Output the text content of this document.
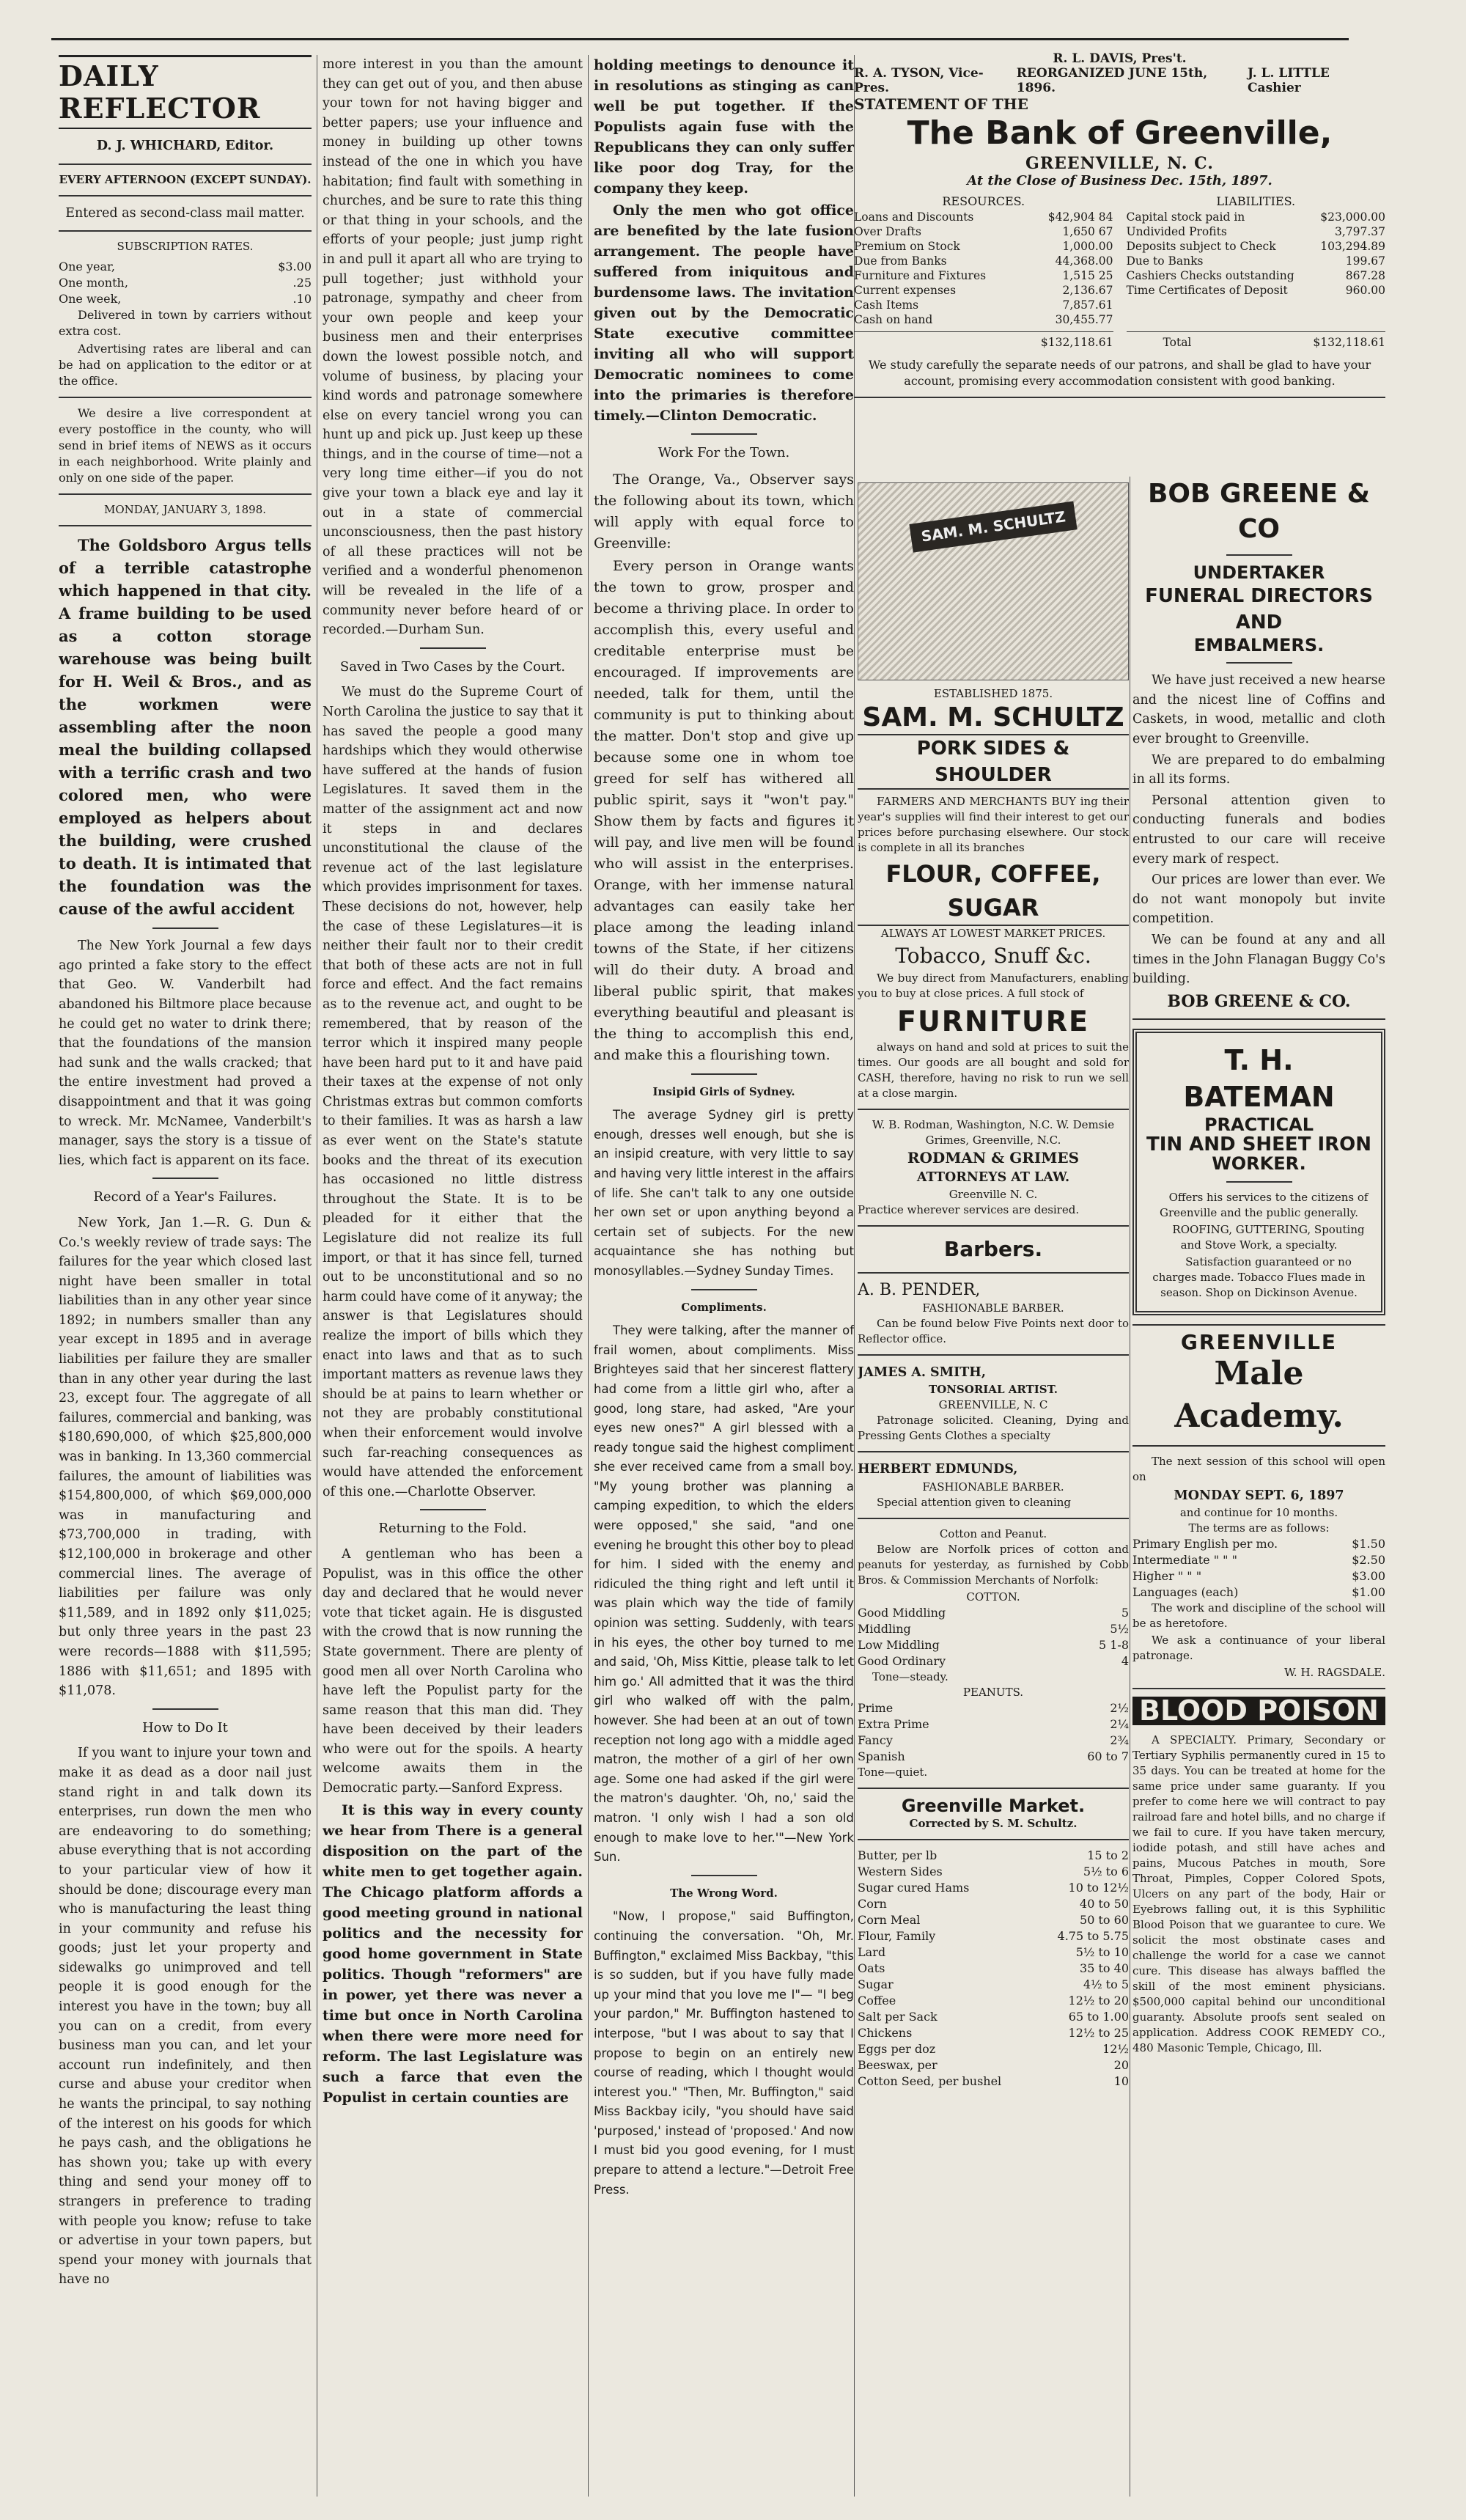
DAILY REFLECTOR
D. J. WHICHARD, Editor.
EVERY AFTERNOON (EXCEPT SUNDAY).
Entered as second-class mail matter.
SUBSCRIPTION RATES.
One year,	$3.00
One month,	.25
One week,	.10

Delivered in town by carriers without extra cost.

Advertising rates are liberal and can be had on application to the editor or at the office.

We desire a live correspondent at every postoffice in the county, who will send in brief items of NEWS as it occurs in each neighborhood. Write plainly and only on one side of the paper.

MONDAY, JANUARY 3, 1898.

The Goldsboro Argus tells of a terrible catastrophe which happened in that city. A frame building to be used as a cotton storage warehouse was being built for H. Weil & Bros., and as the workmen were assembling after the noon meal the building collapsed with a terrific crash and two colored men, who were employed as helpers about the building, were crushed to death. It is intimated that the foundation was the cause of the awful accident

The New York Journal a few days ago printed a fake story to the effect that Geo. W. Vanderbilt had abandoned his Biltmore place because he could get no water to drink there; that the foundations of the mansion had sunk and the walls cracked; that the entire investment had proved a disappointment and that it was going to wreck. Mr. McNamee, Vanderbilt's manager, says the story is a tissue of lies, which fact is apparent on its face.

Record of a Year's Failures.

New York, Jan 1.—R. G. Dun & Co.'s weekly review of trade says: The failures for the year which closed last night have been smaller in total liabilities than in any other year since 1892; in numbers smaller than any year except in 1895 and in average liabilities per failure they are smaller than in any other year during the last 23, except four. The aggregate of all failures, commercial and banking, was $180,690,000, of which $25,800,000 was in banking. In 13,360 commercial failures, the amount of liabilities was $154,800,000, of which $69,000,000 was in manufacturing and $73,700,000 in trading, with $12,100,000 in brokerage and other commercial lines. The average of liabilities per failure was only $11,589, and in 1892 only $11,025; but only three years in the past 23 were records—1888 with $11,595; 1886 with $11,651; and 1895 with $11,078.

How to Do It

If you want to injure your town and make it as dead as a door nail just stand right in and talk down its enterprises, run down the men who are endeavoring to do something; abuse everything that is not according to your particular view of how it should be done; discourage every man who is manufacturing the least thing in your community and refuse his goods; just let your property and sidewalks go unimproved and tell people it is good enough for the interest you have in the town; buy all you can on a credit, from every business man you can, and let your account run indefinitely, and then curse and abuse your creditor when he wants the principal, to say nothing of the interest on his goods for which he pays cash, and the obligations he has shown you; take up with every thing and send your money off to strangers in preference to trading with people you know; refuse to take or advertise in your town papers, but spend your money with journals that have no

more interest in you than the amount they can get out of you, and then abuse your town for not having bigger and better papers; use your influence and money in building up other towns instead of the one in which you have habitation; find fault with something in churches, and be sure to rate this thing or that thing in your schools, and the efforts of your people; just jump right in and pull it apart all who are trying to pull together; just withhold your patronage, sympathy and cheer from your own people and keep your business men and their enterprises down the lowest possible notch, and volume of business, by placing your kind words and patronage somewhere else on every tanciel wrong you can hunt up and pick up. Just keep up these things, and in the course of time—not a very long time either—if you do not give your town a black eye and lay it out in a state of commercial unconsciousness, then the past history of all these practices will not be verified and a wonderful phenomenon will be revealed in the life of a community never before heard of or recorded.—Durham Sun.

Saved in Two Cases by the Court.

We must do the Supreme Court of North Carolina the justice to say that it has saved the people a good many hardships which they would otherwise have suffered at the hands of fusion Legislatures. It saved them in the matter of the assignment act and now it steps in and declares unconstitutional the clause of the revenue act of the last legislature which provides imprisonment for taxes. These decisions do not, however, help the case of these Legislatures—it is neither their fault nor to their credit that both of these acts are not in full force and effect. And the fact remains as to the revenue act, and ought to be remembered, that by reason of the terror which it inspired many people have been hard put to it and have paid their taxes at the expense of not only Christmas extras but common comforts to their families. It was as harsh a law as ever went on the State's statute books and the threat of its execution has occasioned no little distress throughout the State. It is to be pleaded for it either that the Legislature did not realize its full import, or that it has since fell, turned out to be unconstitutional and so no harm could have come of it anyway; the answer is that Legislatures should realize the import of bills which they enact into laws and that as to such important matters as revenue laws they should be at pains to learn whether or not they are probably constitutional when their enforcement would involve such far-reaching consequences as would have attended the enforcement of this one.—Charlotte Observer.

Returning to the Fold.

A gentleman who has been a Populist, was in this office the other day and declared that he would never vote that ticket again. He is disgusted with the crowd that is now running the State government. There are plenty of good men all over North Carolina who have left the Populist party for the same reason that this man did. They have been deceived by their leaders who were out for the spoils. A hearty welcome awaits them in the Democratic party.—Sanford Express.

It is this way in every county we hear from There is a general disposition on the part of the white men to get together again. The Chicago platform affords a good meeting ground in national politics and the necessity for good home government in State politics. Though "reformers" are in power, yet there was never a time but once in North Carolina when there were more need for reform. The last Legislature was such a farce that even the Populist in certain counties are

holding meetings to denounce it in resolutions as stinging as can well be put together. If the Populists again fuse with the Republicans they can only suffer like poor dog Tray, for the company they keep.

Only the men who got office are benefited by the late fusion arrangement. The people have suffered from iniquitous and burdensome laws. The invitation given out by the Democratic State executive committee inviting all who will support Democratic nominees to come into the primaries is therefore timely.—Clinton Democratic.

Work For the Town.

The Orange, Va., Observer says the following about its town, which will apply with equal force to Greenville:

Every person in Orange wants the town to grow, prosper and become a thriving place. In order to accomplish this, every useful and creditable enterprise must be encouraged. If improvements are needed, talk for them, until the community is put to thinking about the matter. Don't stop and give up because some one in whom toe greed for self has withered all public spirit, says it "won't pay." Show them by facts and figures it will pay, and live men will be found who will assist in the enterprises. Orange, with her immense natural advantages can easily take her place among the leading inland towns of the State, if her citizens will do their duty. A broad and liberal public spirit, that makes everything beautiful and pleasant is the thing to accomplish this end, and make this a flourishing town.

Insipid Girls of Sydney.

The average Sydney girl is pretty enough, dresses well enough, but she is an insipid creature, with very little to say and having very little interest in the affairs of life. She can't talk to any one outside her own set or upon anything beyond a certain set of subjects. For the new acquaintance she has nothing but monosyllables.—Sydney Sunday Times.

Compliments.

They were talking, after the manner of frail women, about compliments. Miss Brighteyes said that her sincerest flattery had come from a little girl who, after a good, long stare, had asked, "Are your eyes new ones?" A girl blessed with a ready tongue said the highest compliment she ever received came from a small boy. "My young brother was planning a camping expedition, to which the elders were opposed," she said, "and one evening he brought this other boy to plead for him. I sided with the enemy and ridiculed the thing right and left until it was plain which way the tide of family opinion was setting. Suddenly, with tears in his eyes, the other boy turned to me and said, 'Oh, Miss Kittie, please talk to let him go.' All admitted that it was the third girl who walked off with the palm, however. She had been at an out of town reception not long ago with a middle aged matron, the mother of a girl of her own age. Some one had asked if the girl were the matron's daughter. 'Oh, no,' said the matron. 'I only wish I had a son old enough to make love to her.'"—New York Sun.

The Wrong Word.

"Now, I propose," said Buffington, continuing the conversation. "Oh, Mr. Buffington," exclaimed Miss Backbay, "this is so sudden, but if you have fully made up your mind that you love me I"— "I beg your pardon," Mr. Buffington hastened to interpose, "but I was about to say that I propose to begin on an entirely new course of reading, which I thought would interest you." "Then, Mr. Buffington," said Miss Backbay icily, "you should have said 'purposed,' instead of 'proposed.' And now I must bid you good evening, for I must prepare to attend a lecture."—Detroit Free Press.

R. L. DAVIS, Pres't.
R. A. TYSON, Vice-Pres.
REORGANIZED JUNE 15th, 1896.
J. L. LITTLE Cashier
STATEMENT OF THE
The Bank of Greenville,
GREENVILLE, N. C.
At the Close of Business Dec. 15th, 1897.
RESOURCES.
Loans and Discounts	$42,904 84
Over Drafts	1,650 67
Premium on Stock	1,000.00
Due from Banks	44,368.00
Furniture and Fixtures	1,515 25
Current expenses	2,136.67
Cash Items	7,857.61
Cash on hand	30,455.77
$132,118.61
LIABILITIES.
Capital stock paid in	$23,000.00
Undivided Profits	3,797.37
Deposits subject to Check	103,294.89
Due to Banks	199.67
Cashiers Checks outstanding	867.28
Time Certificates of Deposit	960.00
Total	$132,118.61

We study carefully the separate needs of our patrons, and shall be glad to have your account, promising every accommodation consistent with good banking.

SAM. M. SCHULTZ
ESTABLISHED 1875.
SAM. M. SCHULTZ
PORK SIDES & SHOULDER

FARMERS AND MERCHANTS BUY ing their year's supplies will find their interest to get our prices before purchasing elsewhere. Our stock is complete in all its branches

FLOUR, COFFEE, SUGAR
ALWAYS AT LOWEST MARKET PRICES.
Tobacco, Snuff &c.

We buy direct from Manufacturers, enabling you to buy at close prices. A full stock of

FURNITURE

always on hand and sold at prices to suit the times. Our goods are all bought and sold for CASH, therefore, having no risk to run we sell at a close margin.

W. B. Rodman, Washington, N.C. W. Demsie Grimes, Greenville, N.C.
RODMAN & GRIMES
ATTORNEYS AT LAW.
Greenville N. C.
Practice wherever services are desired.
Barbers.
A. B. PENDER,
FASHIONABLE BARBER.

Can be found below Five Points next door to Reflector office.

JAMES A. SMITH,
TONSORIAL ARTIST.
GREENVILLE, N. C

Patronage solicited. Cleaning, Dying and Pressing Gents Clothes a specialty

HERBERT EDMUNDS,
FASHIONABLE BARBER.

Special attention given to cleaning

Cotton and Peanut.

Below are Norfolk prices of cotton and peanuts for yesterday, as furnished by Cobb Bros. & Commission Merchants of Norfolk:

COTTON.
Good Middling	5
Middling	5½
Low Middling	5 1-8
Good Ordinary	4
Tone—steady.
PEANUTS.
Prime	2½
Extra Prime	2¼
Fancy	2¾
Spanish	60 to 7
Tone—quiet.
Greenville Market.
Corrected by S. M. Schultz.
Butter, per lb	15 to 2
Western Sides	5½ to 6
Sugar cured Hams	10 to 12½
Corn	40 to 50
Corn Meal	50 to 60
Flour, Family	4.75 to 5.75
Lard	5½ to 10
Oats	35 to 40
Sugar	4½ to 5
Coffee	12½ to 20
Salt per Sack	65 to 1.00
Chickens	12½ to 25
Eggs per doz	12½
Beeswax, per	20
Cotton Seed, per bushel	10
BOB GREENE & CO
UNDERTAKER
FUNERAL DIRECTORS AND
EMBALMERS.

We have just received a new hearse and the nicest line of Coffins and Caskets, in wood, metallic and cloth ever brought to Greenville.

We are prepared to do embalming in all its forms.

Personal attention given to conducting funerals and bodies entrusted to our care will receive every mark of respect.

Our prices are lower than ever. We do not want monopoly but invite competition.

We can be found at any and all times in the John Flanagan Buggy Co's building.

BOB GREENE & CO.
T. H. BATEMAN
PRACTICAL
TIN AND SHEET IRON
WORKER.

Offers his services to the citizens of Greenville and the public generally.

ROOFING, GUTTERING, Spouting and Stove Work, a specialty.

Satisfaction guaranteed or no charges made. Tobacco Flues made in season. Shop on Dickinson Avenue.

GREENVILLE
Male Academy.

The next session of this school will open on

MONDAY SEPT. 6, 1897
and continue for 10 months.
The terms are as follows:
Primary English per mo.	$1.50
Intermediate " " "	$2.50
Higher " " "	$3.00
Languages (each)	$1.00

The work and discipline of the school will be as heretofore.

We ask a continuance of your liberal patronage.

W. H. RAGSDALE.
BLOOD POISON

A SPECIALTY. Primary, Secondary or Tertiary Syphilis permanently cured in 15 to 35 days. You can be treated at home for the same price under same guaranty. If you prefer to come here we will contract to pay railroad fare and hotel bills, and no charge if we fail to cure. If you have taken mercury, iodide potash, and still have aches and pains, Mucous Patches in mouth, Sore Throat, Pimples, Copper Colored Spots, Ulcers on any part of the body, Hair or Eyebrows falling out, it is this Syphilitic Blood Poison that we guarantee to cure. We solicit the most obstinate cases and challenge the world for a case we cannot cure. This disease has always baffled the skill of the most eminent physicians. $500,000 capital behind our unconditional guaranty. Absolute proofs sent sealed on application. Address COOK REMEDY CO., 480 Masonic Temple, Chicago, Ill.
